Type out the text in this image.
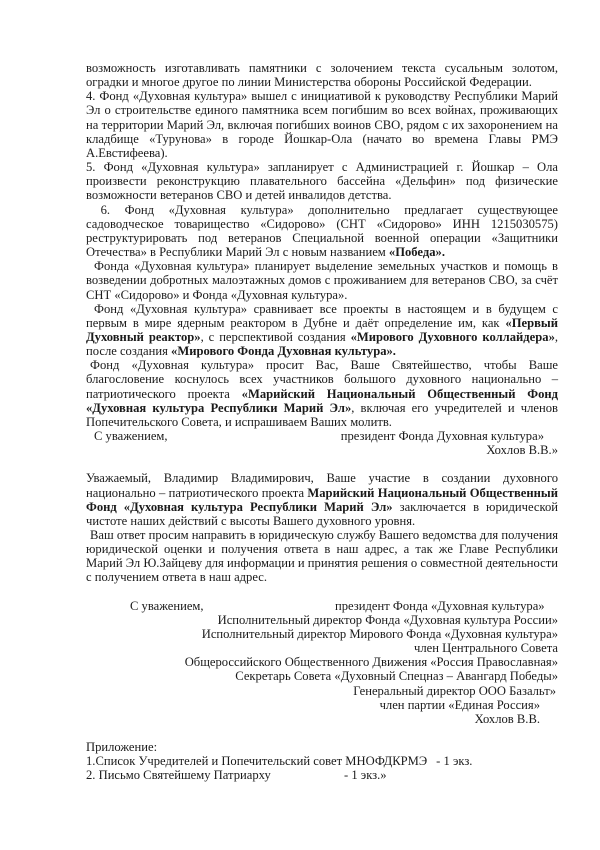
возможность изготавливать памятники с золочением текста сусальным золотом, оградки и многое другое по линии Министерства обороны Российской Федерации.

4. Фонд «Духовная культура» вышел с инициативой к руководству Республики Марий Эл о строительстве единого памятника всем погибшим во всех войнах, проживающих на территории Марий Эл, включая погибших воинов СВО, рядом с их захоронением на кладбище «Турунова» в городе Йошкар-Ола (начато во времена Главы РМЭ А.Евстифеева).

5. Фонд «Духовная культура» запланирует с Администрацией г. Йошкар – Ола произвести реконструкцию плавательного бассейна «Дельфин» под физические возможности ветеранов СВО и детей инвалидов детства.

6. Фонд «Духовная культура» дополнительно предлагает существующее садоводческое товарищество «Сидорово» (СНТ «Сидорово» ИНН 1215030575) реструктурировать под ветеранов Специальной военной операции «Защитники Отечества» в Республики Марий Эл с новым названием «Победа».

Фонда «Духовная культура» планирует выделение земельных участков и помощь в возведении добротных малоэтажных домов с проживанием для ветеранов СВО, за счёт СНТ «Сидорово» и Фонда «Духовная культура».

Фонд «Духовная культура» сравнивает все проекты в настоящем и в будущем с первым в мире ядерным реактором в Дубне и даёт определение им, как «Первый Духовный реактор», с перспективой создания «Мирового Духовного коллайдера», после создания «Мирового Фонда Духовная культура».

Фонд «Духовная культура» просит Вас, Ваше Святейшество, чтобы Ваше благословение коснулось всех участников большого духовного национально – патриотического проекта «Марийский Национальный Общественный Фонд «Духовная культура Республики Марий Эл», включая его учредителей и членов Попечительского Совета, и испрашиваем Ваших молитв.

С уважением,	президент Фонда Духовная культура»
Хохлов В.В.»

Уважаемый, Владимир Владимирович, Ваше участие в создании духовного национально – патриотического проекта Марийский Национальный Общественный Фонд «Духовная культура Республики Марий Эл» заключается в юридической чистоте наших действий с высоты Вашего духовного уровня.

Ваш ответ просим направить в юридическую службу Вашего ведомства для получения юридической оценки и получения ответа в наш адрес, а так же Главе Республики Марий Эл Ю.Зайцеву для информации и принятия решения о совместной деятельности с получением ответа в наш адрес.

С уважением,	президент Фонда «Духовная культура»
Исполнительный директор Фонда «Духовная культура России»
Исполнительный директор Мирового Фонда «Духовная культура»
член Центрального Совета
Общероссийского Общественного Движения «Россия Православная»
Секретарь Совета «Духовный Спецназ – Авангард Победы»
Генеральный директор ООО Базальт»
член партии «Единая Россия»
Хохлов В.В.
Приложение:
1.Список Учредителей и Попечительский совет МНОФДКРМЭ - 1 экз.
2. Письмо Святейшему Патриарху	- 1 экз.»
